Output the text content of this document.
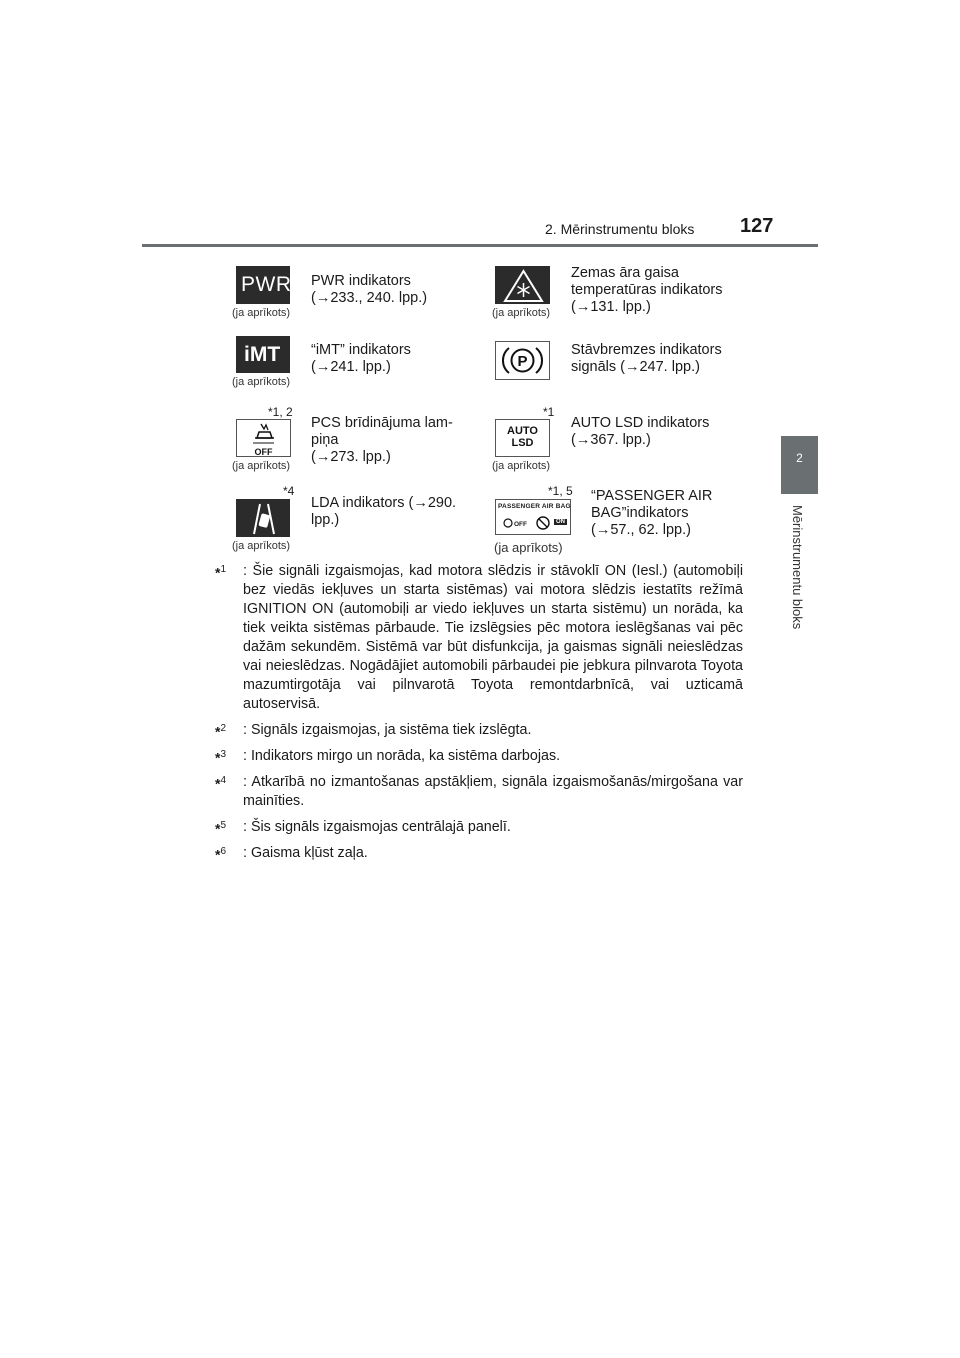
2. Mērinstrumentu bloks 127
2
Mērinstrumentu bloks
PWR
(ja aprīkots)
PWR indikators
(→233., 240. lpp.)
(ja aprīkots)
Zemas āra gaisa
temperatūras indikators
(→131. lpp.)
iMT
(ja aprīkots)
“iMT” indikators
(→241. lpp.)	P
Stāvbremzes indikators
signāls (→247. lpp.)
*1, 2
OFF
(ja aprīkots)
PCS brīdinājuma lam-
piņa
(→273. lpp.)
*1
AUTO LSD
(ja aprīkots)
AUTO LSD indikators
(→367. lpp.)
*4
(ja aprīkots)
LDA indikators (→290.
lpp.)
*1, 5
PASSENGER AIR BAG
OFF	ON
(ja aprīkots)
“PASSENGER AIR
BAG”indikators
(→57., 62. lpp.)
*$^1$ : Šie signāli izgaismojas, kad motora slēdzis ir stāvoklī ON (Iesl.) (automobiļi bez viedās iekļuves un starta sistēmas) vai motora slēdzis iestatīts režīmā IGNITION ON (automobiļi ar viedo iekļuves un starta sistēmu) un norāda, ka tiek veikta sistēmas pārbaude. Tie izslēgsies pēc motora ieslēgšanas vai pēc dažām sekundēm. Sistēmā var būt disfunkcija, ja gaismas signāli neieslēdzas vai neieslēdzas. Nogādājiet automobili pārbaudei pie jebkura pilnvarota Toyota mazumtirgotāja vai pilnvarotā Toyota remontdarbnīcā, vai uzticamā autoservisā.
*$^2$ : Signāls izgaismojas, ja sistēma tiek izslēgta.
*$^3$ : Indikators mirgo un norāda, ka sistēma darbojas.
*$^4$ : Atkarībā no izmantošanas apstākļiem, signāla izgaismošanās/mirgošana var mainīties.
*$^5$ : Šis signāls izgaismojas centrālajā panelī.
*$^6$ : Gaisma kļūst zaļa.
